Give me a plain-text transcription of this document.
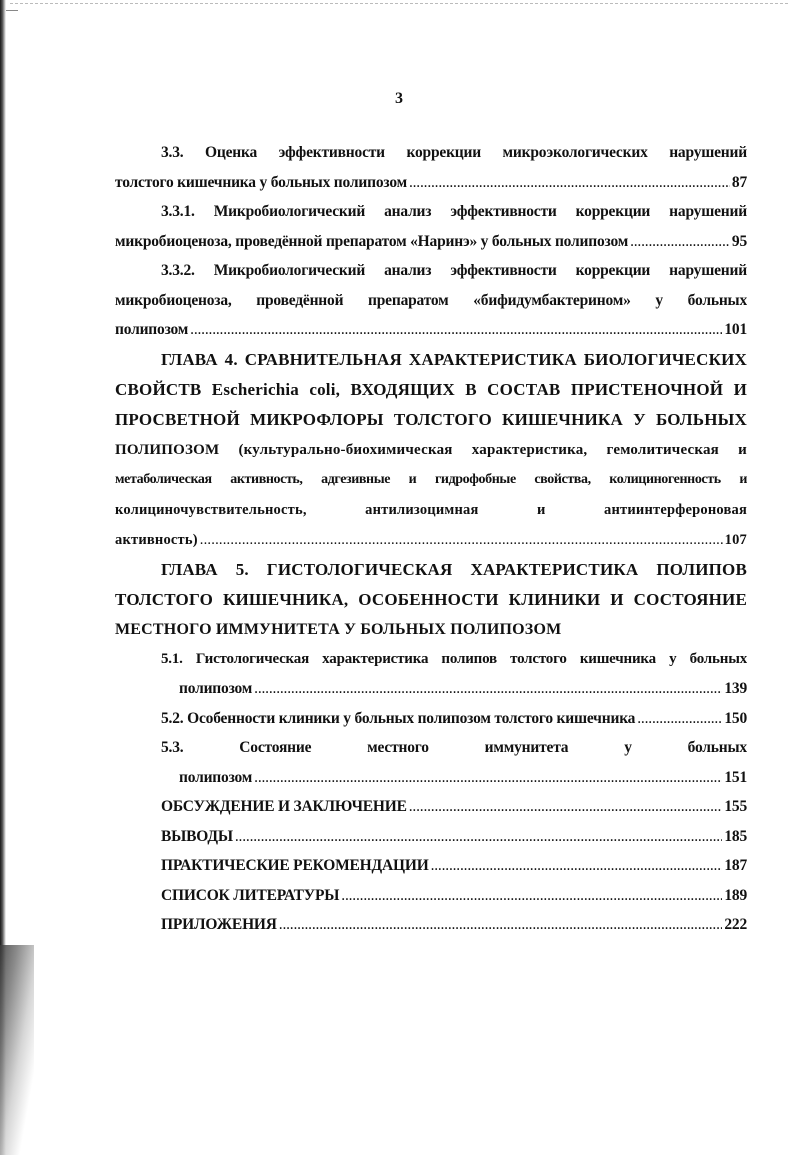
3
3.3. Оценка эффективности коррекции микроэкологических нарушений
толстого кишечника у больных полипозом .....	87
3.3.1. Микробиологический анализ эффективности коррекции нарушений
микробиоценоза, проведённой препаратом «Наринэ» у больных полипозом .....	95
3.3.2. Микробиологический анализ эффективности коррекции нарушений
микробиоценоза, проведённой препаратом «бифидумбактерином» у больных
полипозом .....	101
ГЛАВА 4. СРАВНИТЕЛЬНАЯ ХАРАКТЕРИСТИКА БИОЛОГИЧЕСКИХ
СВОЙСТВ Escherichia coli, ВХОДЯЩИХ В СОСТАВ ПРИСТЕНОЧНОЙ И
ПРОСВЕТНОЙ МИКРОФЛОРЫ ТОЛСТОГО КИШЕЧНИКА У БОЛЬНЫХ
ПОЛИПОЗОМ (культурально-биохимическая характеристика, гемолитическая и
метаболическая активность, адгезивные и гидрофобные свойства, колициногенность и
колициночувствительность, антилизоцимная и антиинтерфероновая
активность) .....	107
ГЛАВА 5. ГИСТОЛОГИЧЕСКАЯ ХАРАКТЕРИСТИКА ПОЛИПОВ
ТОЛСТОГО КИШЕЧНИКА, ОСОБЕННОСТИ КЛИНИКИ И СОСТОЯНИЕ
МЕСТНОГО ИММУНИТЕТА У БОЛЬНЫХ ПОЛИПОЗОМ
5.1. Гистологическая характеристика полипов толстого кишечника у больных
полипозом .....	139
5.2. Особенности клиники у больных полипозом толстого кишечника .....	150
5.3. Состояние местного иммунитета у больных
полипозом .....	151
ОБСУЖДЕНИЕ И ЗАКЛЮЧЕНИЕ .....	155
ВЫВОДЫ .....	185
ПРАКТИЧЕСКИЕ РЕКОМЕНДАЦИИ .....	187
СПИСОК ЛИТЕРАТУРЫ .....	189
ПРИЛОЖЕНИЯ .....	222
